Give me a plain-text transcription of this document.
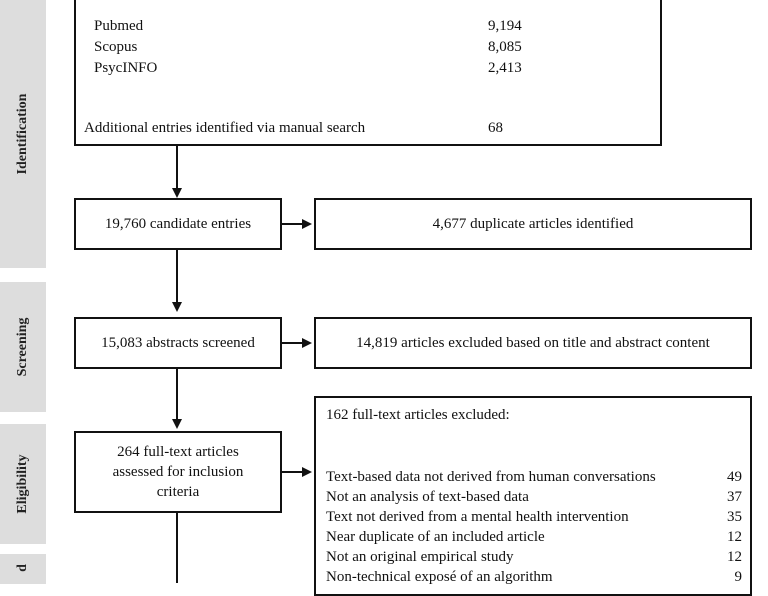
Identification
Screening
Eligibility
d
Pubmed	9,194
Scopus	8,085
PsycINFO	2,413
Additional entries identified via manual search	68
19,760 candidate entries	4,677 duplicate articles identified
15,083 abstracts screened	14,819 articles excluded based on title and abstract content
264 full-text articles assessed for inclusion criteria
162 full-text articles excluded:
Text-based data not derived from human conversations	49
Not an analysis of text-based data	37
Text not derived from a mental health intervention	35
Near duplicate of an included article	12
Not an original empirical study	12
Non-technical exposé of an algorithm	9
